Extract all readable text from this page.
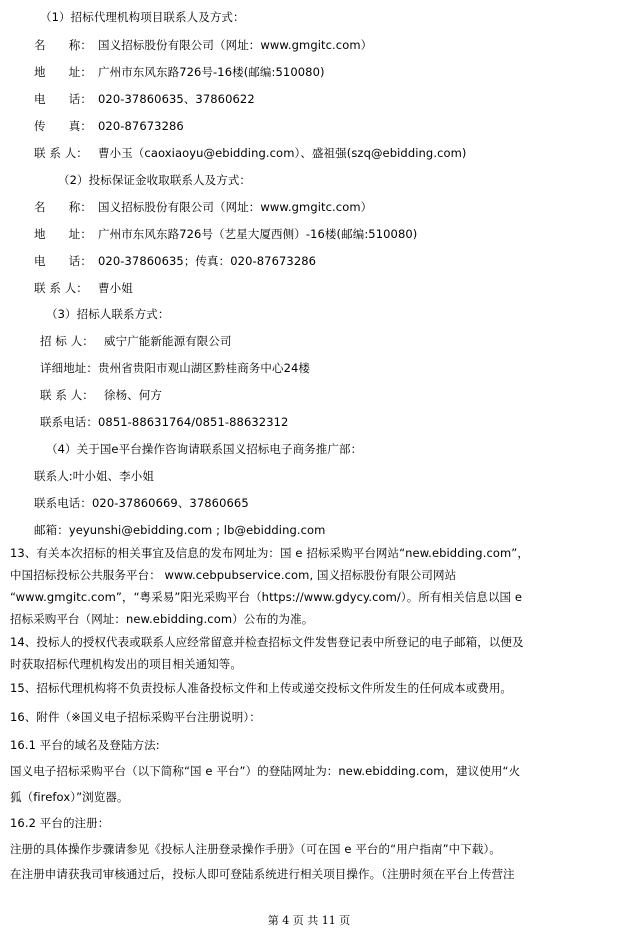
（1）招标代理机构项目联系人及方式：
名　　称： 国义招标股份有限公司（网址：www.gmgitc.com）
地　　址： 广州市东风东路726号-16楼(邮编:510080)
电　　话： 020-37860635、37860622
传　　真： 020-87673286
联 系 人： 曹小玉（caoxiaoyu@ebidding.com）、盛祖强(szq@ebidding.com)
（2）投标保证金收取联系人及方式：
名　　称： 国义招标股份有限公司（网址：www.gmgitc.com）
地　　址： 广州市东风东路726号（艺星大厦西侧）-16楼(邮编:510080)
电　　话： 020-37860635；传真：020-87673286
联 系 人： 曹小姐
（3）招标人联系方式：
招 标 人： 威宁广能新能源有限公司
详细地址：贵州省贵阳市观山湖区黔桂商务中心24楼
联 系 人： 徐杨、何方
联系电话：0851-88631764/0851-88632312
（4）关于国e平台操作咨询请联系国义招标电子商务推广部：
联系人:叶小姐、李小姐
联系电话：020-37860669、37860665
邮箱：yeyunshi@ebidding.com ; lb@ebidding.com
13、有关本次招标的相关事宜及信息的发布网址为：国 e 招标采购平台网站“new.ebidding.com”，
中国招标投标公共服务平台： www.cebpubservice.com, 国义招标股份有限公司网站
“www.gmgitc.com”，“粤采易”阳光采购平台（https://www.gdycy.com/）。所有相关信息以国 e
招标采购平台（网址：new.ebidding.com）公布的为准。
14、投标人的授权代表或联系人应经常留意并检查招标文件发售登记表中所登记的电子邮箱，以便及
时获取招标代理机构发出的项目相关通知等。
15、招标代理机构将不负责投标人准备投标文件和上传或递交投标文件所发生的任何成本或费用。
16、附件（※国义电子招标采购平台注册说明）：
16.1 平台的域名及登陆方法:
国义电子招标采购平台（以下简称“国 e 平台”）的登陆网址为：new.ebidding.com，建议使用“火
狐（firefox）”浏览器。
16.2 平台的注册：
注册的具体操作步骤请参见《投标人注册登录操作手册》（可在国 e 平台的“用户指南”中下载）。
在注册申请获我司审核通过后，投标人即可登陆系统进行相关项目操作。（注册时须在平台上传营注
第 4 页 共 11 页
